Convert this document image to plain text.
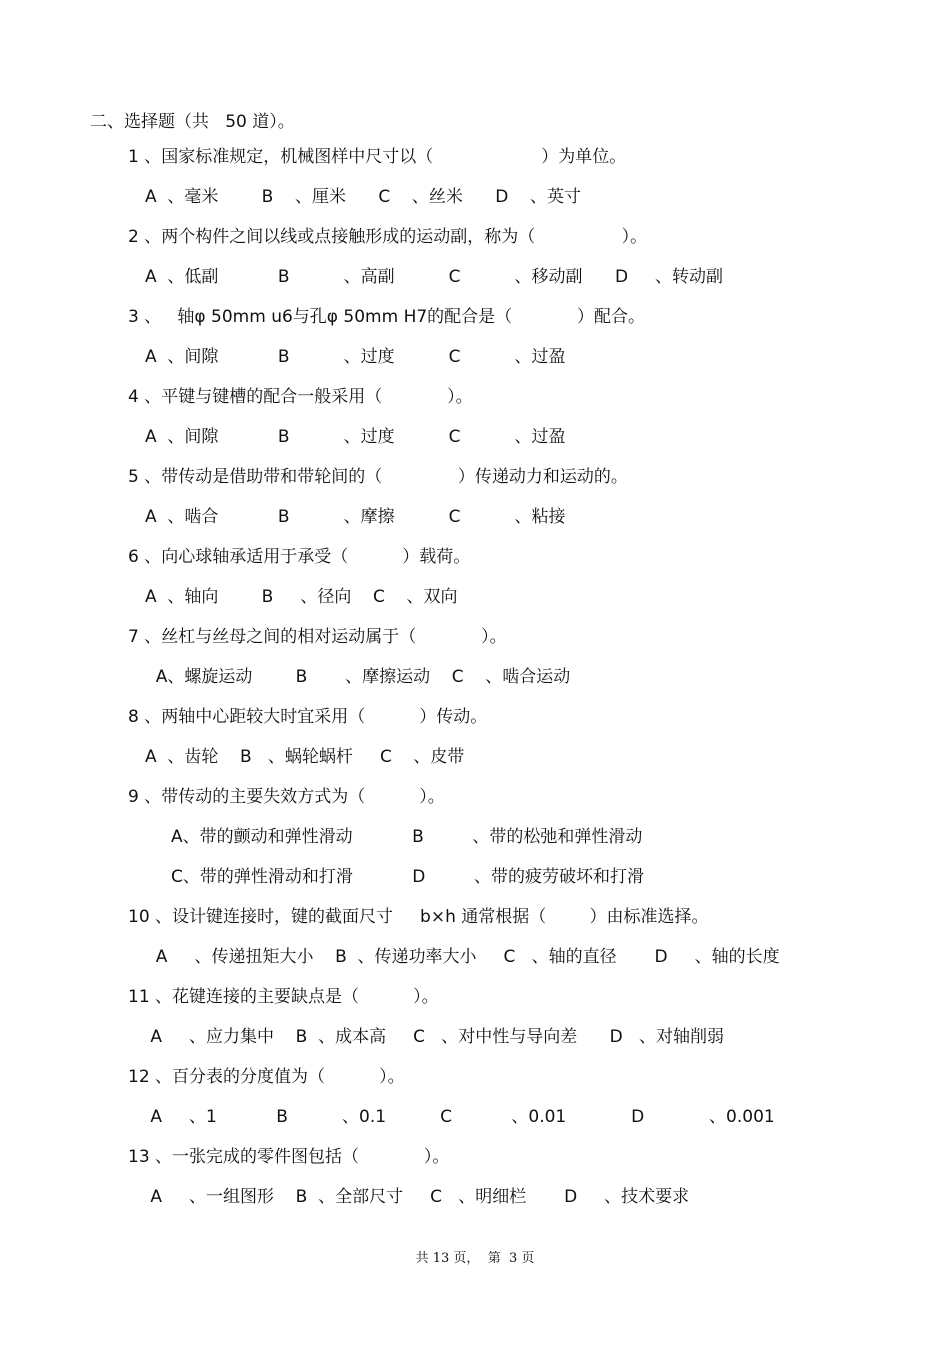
二、选择题（共   50 道）。
1 、国家标准规定，机械图样中尺寸以（                    ）为单位。
A  、毫米        B    、厘米      C    、丝米      D    、英寸
2 、两个构件之间以线或点接触形成的运动副，称为（                ）。
A  、低副           B          、高副          C          、移动副      D     、转动副
3 、   轴φ 50mm u6与孔φ 50mm H7的配合是（            ）配合。
A  、间隙           B          、过度          C          、过盈
4 、平键与键槽的配合一般采用（            ）。
A  、间隙           B          、过度          C          、过盈
5 、带传动是借助带和带轮间的（              ）传递动力和运动的。
A  、啮合           B          、摩擦          C          、粘接
6 、向心球轴承适用于承受（          ）载荷。
A  、轴向        B     、径向    C    、双向
7 、丝杠与丝母之间的相对运动属于（            ）。
A、螺旋运动        B       、摩擦运动    C    、啮合运动
8 、两轴中心距较大时宜采用（          ）传动。
A  、齿轮    B   、蜗轮蜗杆     C    、皮带
9 、带传动的主要失效方式为（          ）。
A、带的颤动和弹性滑动           B         、带的松弛和弹性滑动
C、带的弹性滑动和打滑           D         、带的疲劳破坏和打滑
10 、设计键连接时，键的截面尺寸     b×h 通常根据（        ）由标准选择。
A     、传递扭矩大小    B  、传递功率大小     C   、轴的直径       D     、轴的长度
11 、花键连接的主要缺点是（          ）。
A     、应力集中    B  、成本高     C   、对中性与导向差      D   、对轴削弱
12 、百分表的分度值为（          ）。
A     、1           B          、0.1          C           、0.01            D            、0.001
13 、一张完成的零件图包括（            ）。
A     、一组图形    B  、全部尺寸     C   、明细栏       D     、技术要求
共 13 页，  第  3 页
